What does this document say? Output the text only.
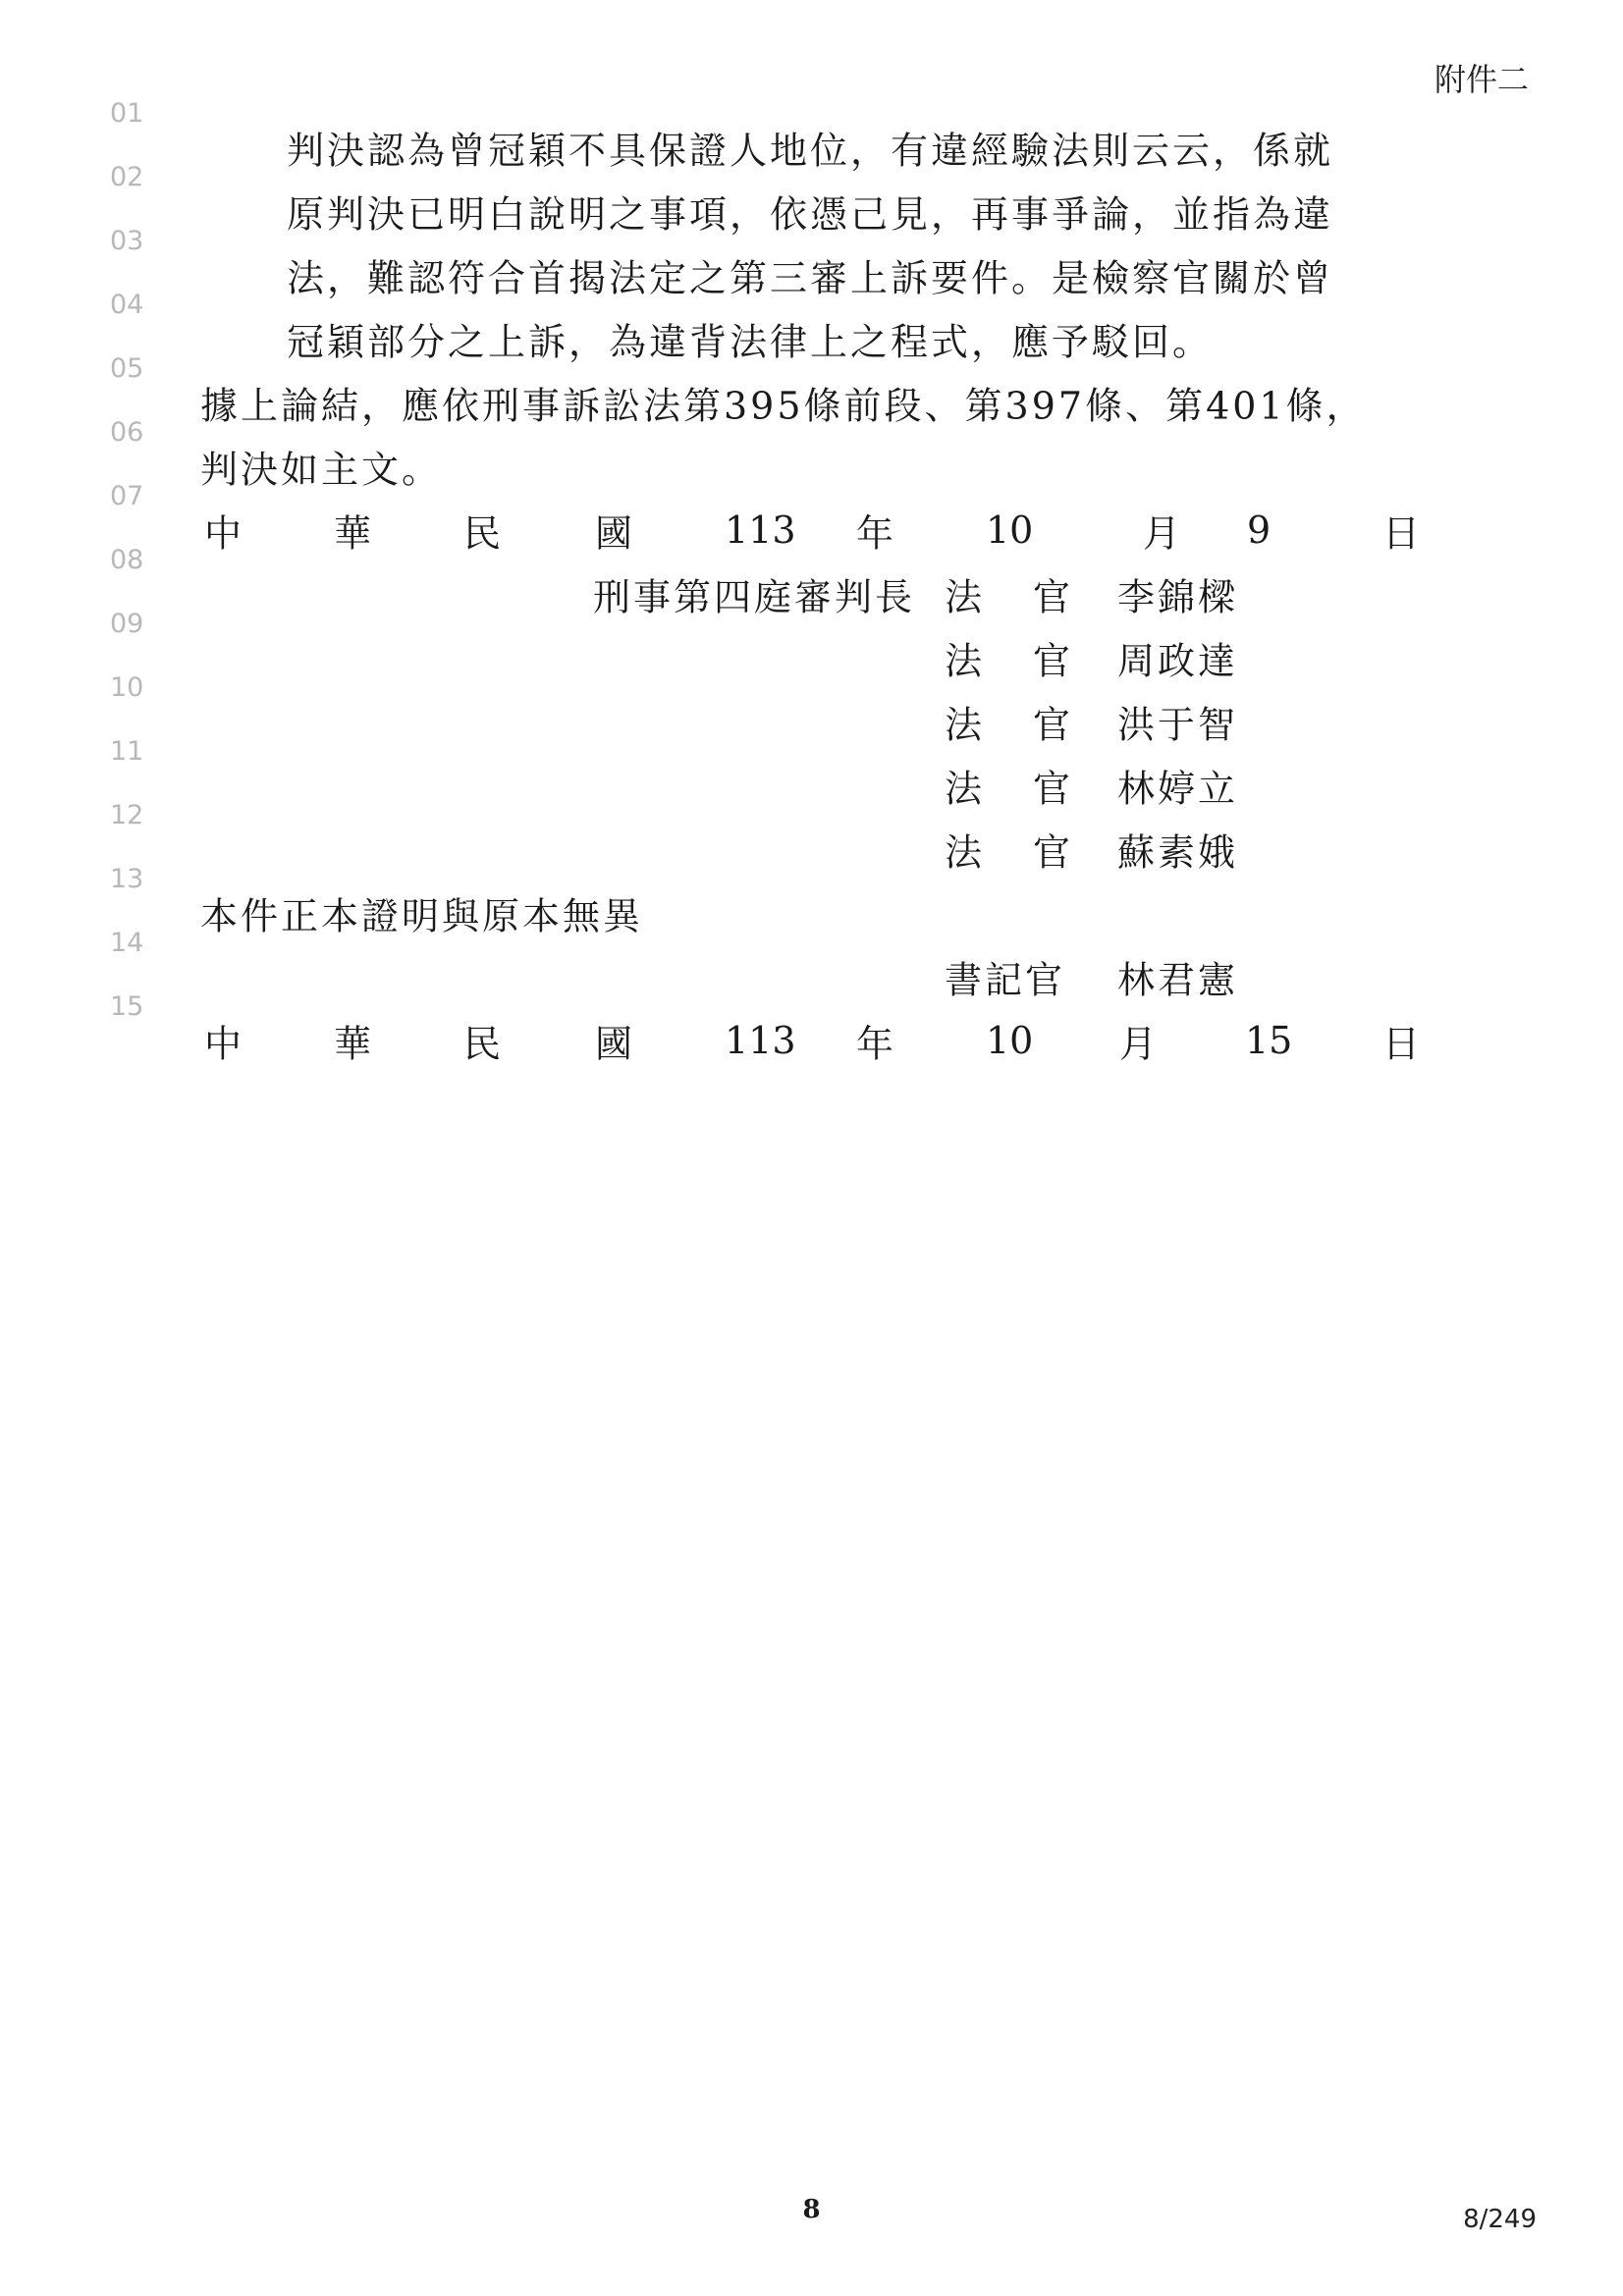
附件二
01
02
03
04
05
06
07
08
09
10
11
12
13
14
15
判決認為曾冠穎不具保證人地位，有違經驗法則云云，係就
原判決已明白說明之事項，依憑己見，再事爭論，並指為違
法，難認符合首揭法定之第三審上訴要件。是檢察官關於曾
冠穎部分之上訴，為違背法律上之程式，應予駁回。
據上論結，應依刑事訴訟法第395條前段、第397條、第401條，
判決如主文。
中 華 民	國 113 年 10	月 9	日
刑事第四庭審判長 法 官 李錦樑
法 官 周政達
法 官 洪于智
法 官 林婷立
法 官 蘇素娥
本件正本證明與原本無異
書記官 林君憲
中 華 民	國 113 年 10 月 15 日
8	8/249
